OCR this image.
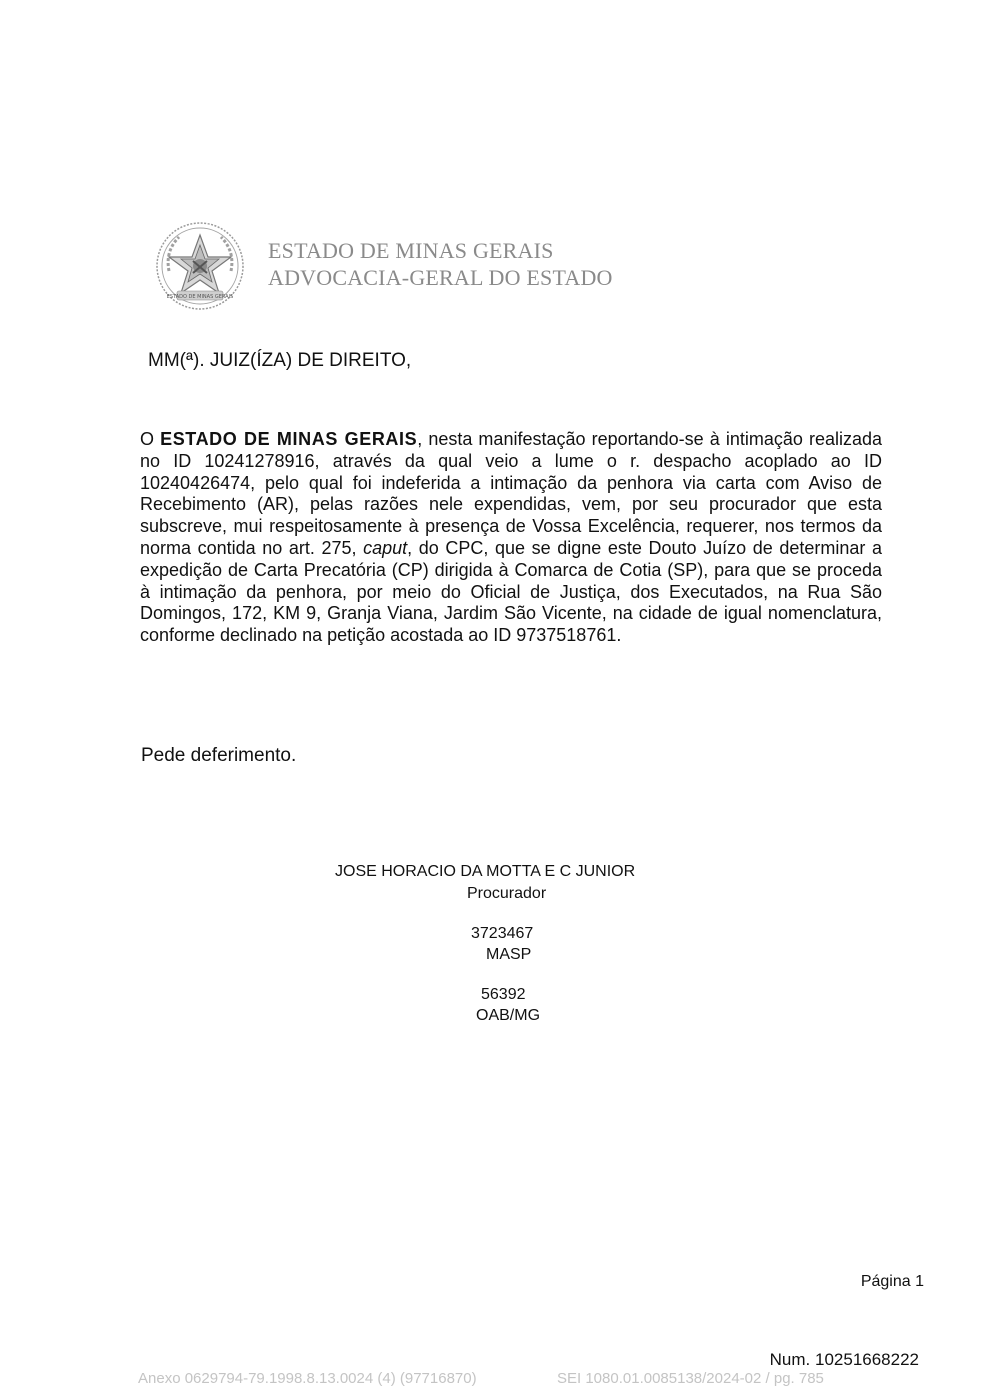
ESTADO DE MINAS GERAIS
ESTADO DE MINAS GERAIS
ADVOCACIA-GERAL DO ESTADO
MM(ª). JUIZ(ÍZA) DE DIREITO,

O ESTADO DE MINAS GERAIS, nesta manifestação reportando-se à intimação realizada no ID 10241278916, através da qual veio a lume o r. despacho acoplado ao ID 10240426474, pelo qual foi indeferida a intimação da penhora via carta com Aviso de Recebimento (AR), pelas razões nele expendidas, vem, por seu procurador que esta subscreve, mui respeitosamente à presença de Vossa Excelência, requerer, nos termos da norma contida no art. 275, caput, do CPC, que se digne este Douto Juízo de determinar a expedição de Carta Precatória (CP) dirigida à Comarca de Cotia (SP), para que se proceda à intimação da penhora, por meio do Oficial de Justiça, dos Executados, na Rua São Domingos, 172, KM 9, Granja Viana, Jardim São Vicente, na cidade de igual nomenclatura, conforme declinado na petição acostada ao ID 9737518761.

Pede deferimento.
JOSE HORACIO DA MOTTA E C JUNIOR
Procurador
3723467
MASP
56392
OAB/MG
Página 1
Num. 10251668222
Anexo 0629794-79.1998.8.13.0024 (4) (97716870)	SEI 1080.01.0085138/2024-02 / pg. 785
